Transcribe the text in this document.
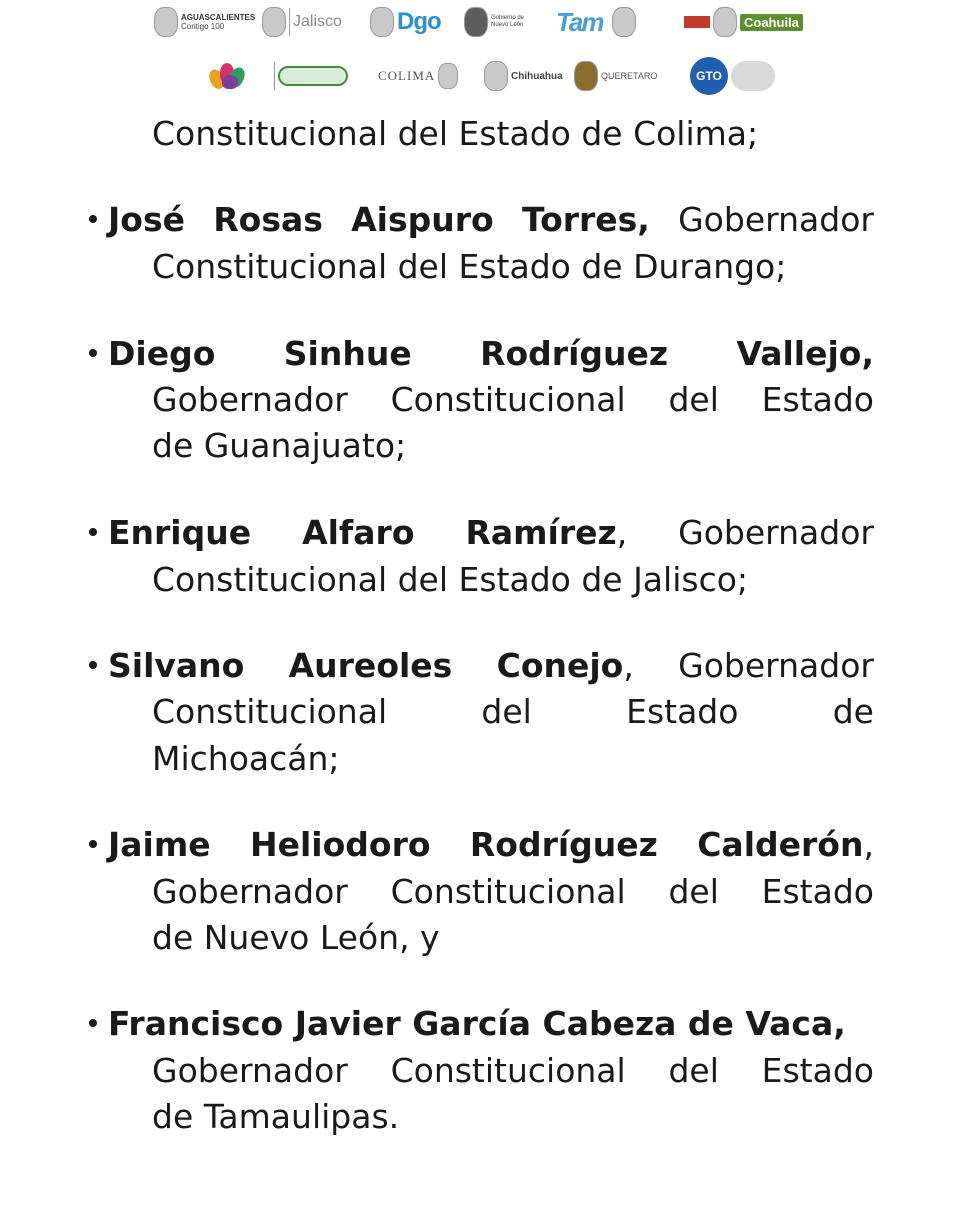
AGUASCALIENTES
Contigo 100	Jalisco Dgo	Gobierno de
Nuevo León Tam	Coahuila
COLIMA	Chihuahua	QUERETARO	GTO
Constitucional del Estado de Colima;
José Rosas Aispuro Torres, Gobernador
Constitucional del Estado de Durango;
Diego Sinhue Rodríguez Vallejo,
Gobernador Constitucional del Estado
de Guanajuato;
Enrique Alfaro Ramírez, Gobernador
Constitucional del Estado de Jalisco;
Silvano Aureoles Conejo, Gobernador
Constitucional	del	Estado	de
Michoacán;
Jaime Heliodoro Rodríguez Calderón,
Gobernador Constitucional del Estado
de Nuevo León, y
Francisco Javier García Cabeza de Vaca,
Gobernador Constitucional del Estado
de Tamaulipas.
